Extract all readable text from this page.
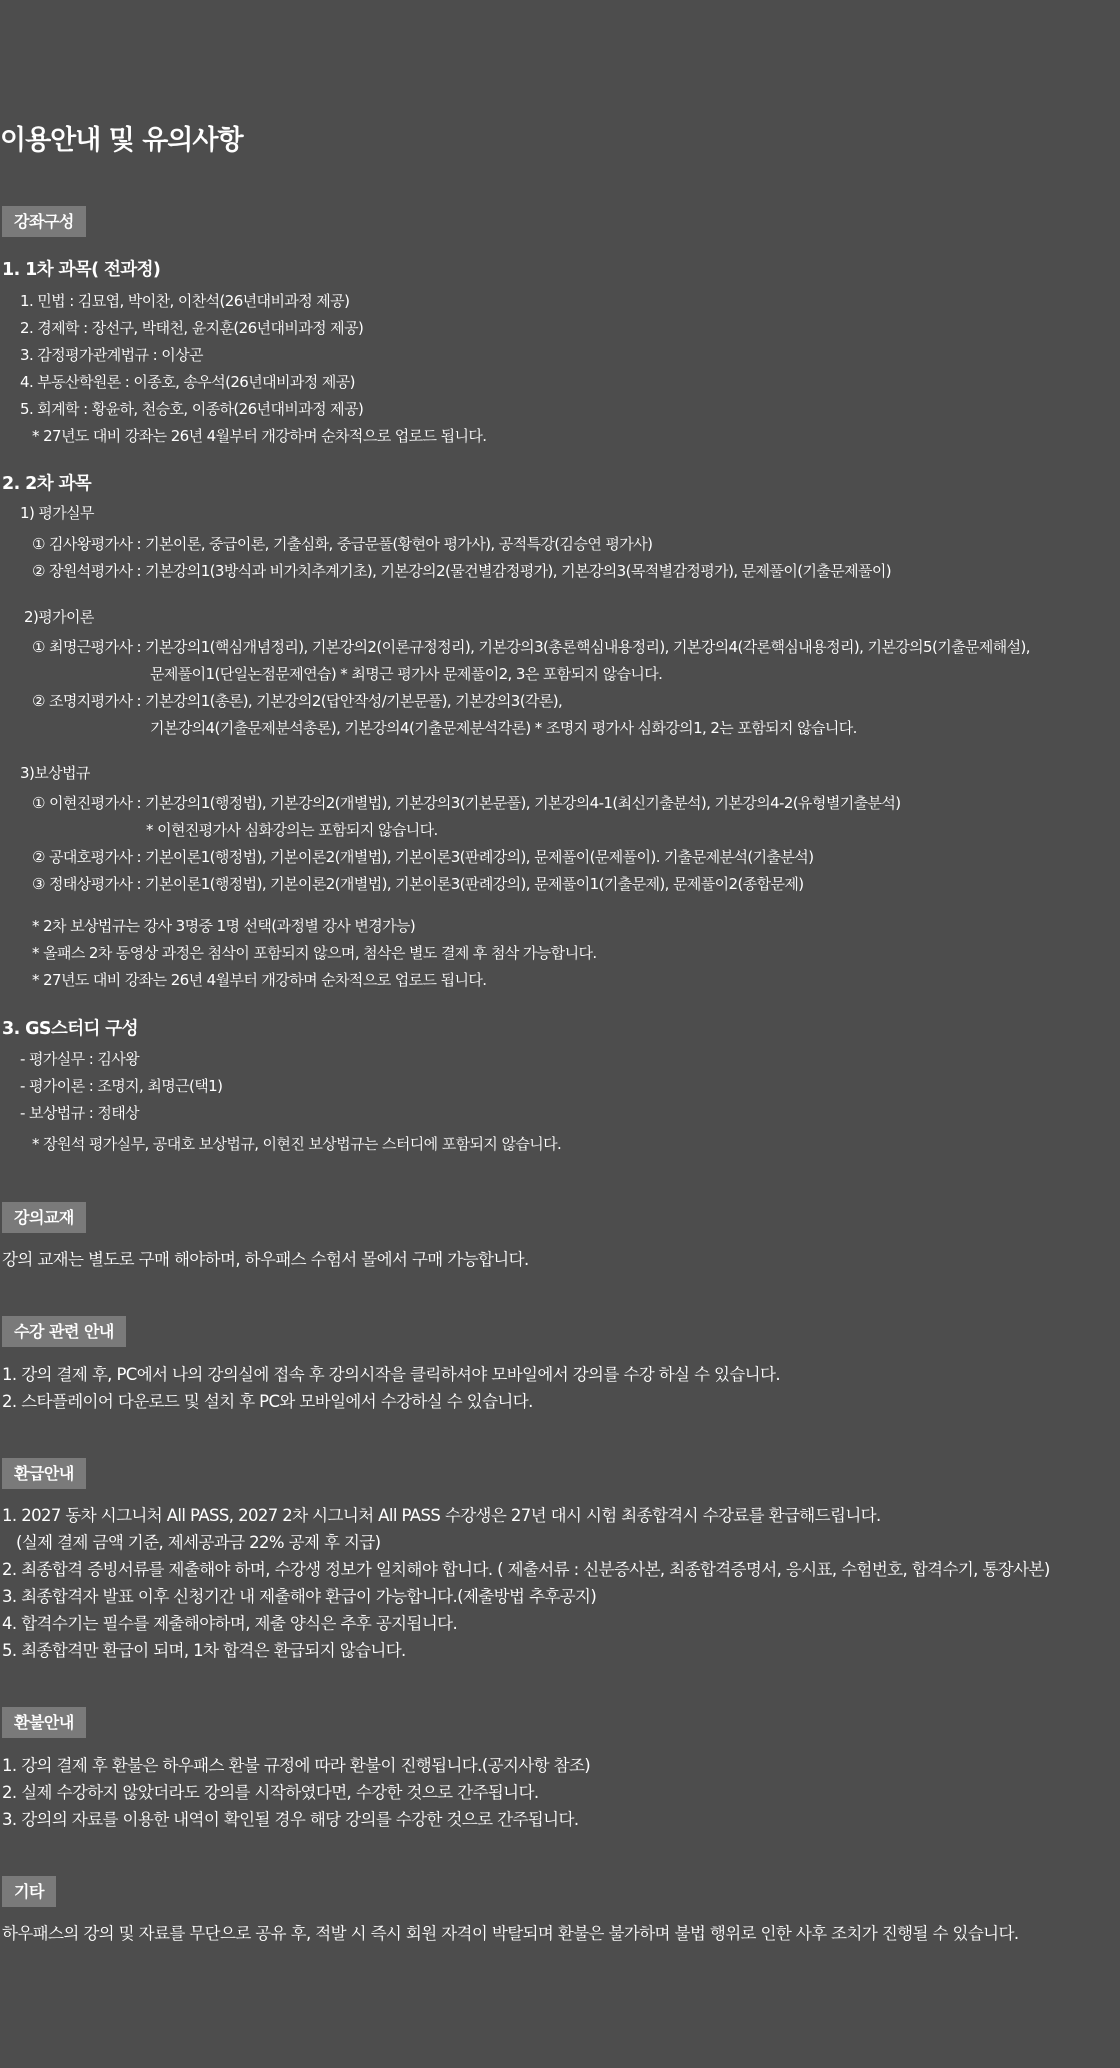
이용안내 및 유의사항
강좌구성
1. 1차 과목( 전과정)
1. 민법 : 김묘엽, 박이찬, 이찬석(26년대비과정 제공)
2. 경제학 : 장선구, 박태천, 윤지훈(26년대비과정 제공)
3. 감정평가관계법규 : 이상곤
4. 부동산학원론 : 이종호, 송우석(26년대비과정 제공)
5. 회계학 : 황윤하, 천승호, 이종하(26년대비과정 제공)
* 27년도 대비 강좌는 26년 4월부터 개강하며 순차적으로 업로드 됩니다.
2. 2차 과목
1) 평가실무
① 김사왕평가사 : 기본이론, 중급이론, 기출심화, 중급문풀(황현아 평가사), 공적특강(김승연 평가사)
② 장원석평가사 : 기본강의1(3방식과 비가치추계기초), 기본강의2(물건별감정평가), 기본강의3(목적별감정평가), 문제풀이(기출문제풀이)
2)평가이론
① 최명근평가사 : 기본강의1(핵심개념정리), 기본강의2(이론규정정리), 기본강의3(총론핵심내용정리), 기본강의4(각론핵심내용정리), 기본강의5(기출문제해설),
문제풀이1(단일논점문제연습) * 최명근 평가사 문제풀이2, 3은 포함되지 않습니다.
② 조명지평가사 : 기본강의1(총론), 기본강의2(답안작성/기본문풀), 기본강의3(각론),
기본강의4(기출문제분석총론), 기본강의4(기출문제분석각론) * 조명지 평가사 심화강의1, 2는 포함되지 않습니다.
3)보상법규
① 이현진평가사 : 기본강의1(행정법), 기본강의2(개별법), 기본강의3(기본문풀), 기본강의4-1(최신기출분석), 기본강의4-2(유형별기출분석)
* 이현진평가사 심화강의는 포함되지 않습니다.
② 공대호평가사 : 기본이론1(행정법), 기본이론2(개별법), 기본이론3(판례강의), 문제풀이(문제풀이). 기출문제분석(기출분석)
③ 정태상평가사 : 기본이론1(행정법), 기본이론2(개별법), 기본이론3(판례강의), 문제풀이1(기출문제), 문제풀이2(종합문제)
* 2차 보상법규는 강사 3명중 1명 선택(과정별 강사 변경가능)
* 올패스 2차 동영상 과정은 첨삭이 포함되지 않으며, 첨삭은 별도 결제 후 첨삭 가능합니다.
* 27년도 대비 강좌는 26년 4월부터 개강하며 순차적으로 업로드 됩니다.
3. GS스터디 구성
- 평가실무 : 김사왕
- 평가이론 : 조명지, 최명근(택1)
- 보상법규 : 정태상
* 장원석 평가실무, 공대호 보상법규, 이현진 보상법규는 스터디에 포함되지 않습니다.
강의교재
강의 교재는 별도로 구매 해야하며, 하우패스 수험서 몰에서 구매 가능합니다.
수강 관련 안내
1. 강의 결제 후, PC에서 나의 강의실에 접속 후 강의시작을 클릭하셔야 모바일에서 강의를 수강 하실 수 있습니다.
2. 스타플레이어 다운로드 및 설치 후 PC와 모바일에서 수강하실 수 있습니다.
환급안내
1. 2027 동차 시그니처 All PASS, 2027 2차 시그니처 All PASS 수강생은 27년 대시 시험 최종합격시 수강료를 환급해드립니다.
(실제 결제 금액 기준, 제세공과금 22% 공제 후 지급)
2. 최종합격 증빙서류를 제출해야 하며, 수강생 정보가 일치해야 합니다. ( 제출서류 : 신분증사본, 최종합격증명서, 응시표, 수험번호, 합격수기, 통장사본)
3. 최종합격자 발표 이후 신청기간 내 제출해야 환급이 가능합니다.(제출방법 추후공지)
4. 합격수기는 필수를 제출해야하며, 제출 양식은 추후 공지됩니다.
5. 최종합격만 환급이 되며, 1차 합격은 환급되지 않습니다.
환불안내
1. 강의 결제 후 환불은 하우패스 환불 규정에 따라 환불이 진행됩니다.(공지사항 참조)
2. 실제 수강하지 않았더라도 강의를 시작하였다면, 수강한 것으로 간주됩니다.
3. 강의의 자료를 이용한 내역이 확인될 경우 해당 강의를 수강한 것으로 간주됩니다.
기타
하우패스의 강의 및 자료를 무단으로 공유 후, 적발 시 즉시 회원 자격이 박탈되며 환불은 불가하며 불법 행위로 인한 사후 조치가 진행될 수 있습니다.
